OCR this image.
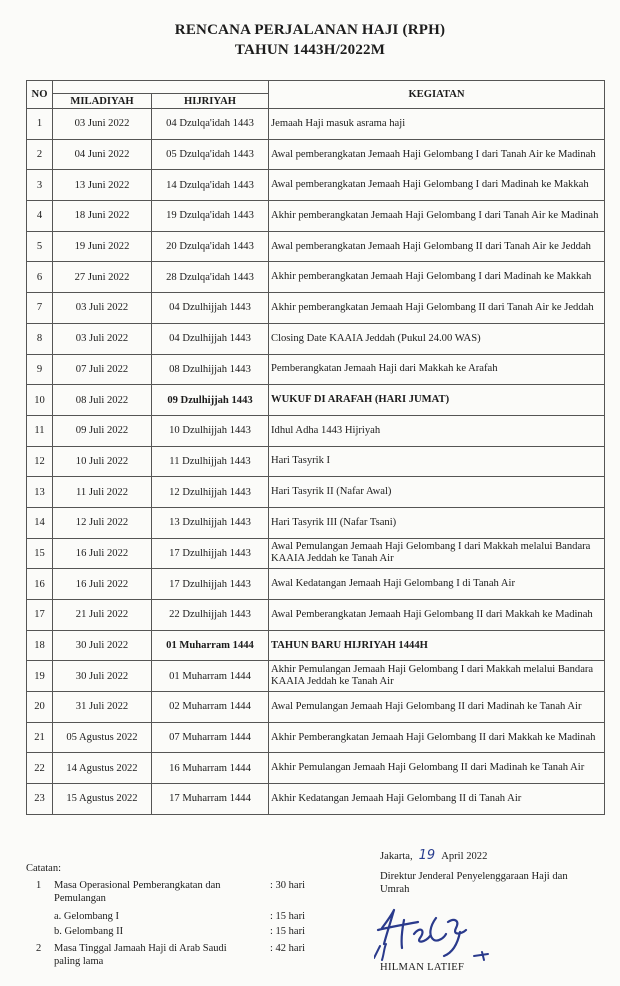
RENCANA PERJALANAN HAJI (RPH)
TAHUN 1443H/2022M
NO			KEGIATAN
	MILADIYAH	HIJRIYAH	
1	03 Juni 2022	04 Dzulqa'idah 1443	Jemaah Haji masuk asrama haji
2	04 Juni 2022	05 Dzulqa'idah 1443	Awal pemberangkatan Jemaah Haji Gelombang I dari Tanah Air ke Madinah
3	13 Juni 2022	14 Dzulqa'idah 1443	Awal pemberangkatan Jemaah Haji Gelombang I dari Madinah ke Makkah
4	18 Juni 2022	19 Dzulqa'idah 1443	Akhir pemberangkatan Jemaah Haji Gelombang I dari Tanah Air ke Madinah
5	19 Juni 2022	20 Dzulqa'idah 1443	Awal pemberangkatan Jemaah Haji Gelombang II dari Tanah Air ke Jeddah
6	27 Juni 2022	28 Dzulqa'idah 1443	Akhir pemberangkatan Jemaah Haji Gelombang I dari Madinah ke Makkah
7	03 Juli 2022	04 Dzulhijjah 1443	Akhir pemberangkatan Jemaah Haji Gelombang II dari Tanah Air ke Jeddah
8	03 Juli 2022	04 Dzulhijjah 1443	Closing Date KAAIA Jeddah (Pukul 24.00 WAS)
9	07 Juli 2022	08 Dzulhijjah 1443	Pemberangkatan Jemaah Haji dari Makkah ke Arafah
10	08 Juli 2022	09 Dzulhijjah 1443	WUKUF DI ARAFAH (HARI JUMAT)
11	09 Juli 2022	10 Dzulhijjah 1443	Idhul Adha 1443 Hijriyah
12	10 Juli 2022	11 Dzulhijjah 1443	Hari Tasyrik I
13	11 Juli 2022	12 Dzulhijjah 1443	Hari Tasyrik II (Nafar Awal)
14	12 Juli 2022	13 Dzulhijjah 1443	Hari Tasyrik III (Nafar Tsani)
15	16 Juli 2022	17 Dzulhijjah 1443	Awal Pemulangan Jemaah Haji Gelombang I dari Makkah melalui Bandara KAAIA Jeddah ke Tanah Air
16	16 Juli 2022	17 Dzulhijjah 1443	Awal Kedatangan Jemaah Haji Gelombang I di Tanah Air
17	21 Juli 2022	22 Dzulhijjah 1443	Awal Pemberangkatan Jemaah Haji Gelombang II dari Makkah ke Madinah
18	30 Juli 2022	01 Muharram 1444	TAHUN BARU HIJRIYAH 1444H
19	30 Juli 2022	01 Muharram 1444	Akhir Pemulangan Jemaah Haji Gelombang I dari Makkah melalui Bandara KAAIA Jeddah ke Tanah Air
20	31 Juli 2022	02 Muharram 1444	Awal Pemulangan Jemaah Haji Gelombang II dari Madinah ke Tanah Air
21	05 Agustus 2022	07 Muharram 1444	Akhir Pemberangkatan Jemaah Haji Gelombang II dari Makkah ke Madinah
22	14 Agustus 2022	16 Muharram 1444	Akhir Pemulangan Jemaah Haji Gelombang II dari Madinah ke Tanah Air
23	15 Agustus 2022	17 Muharram 1444	Akhir Kedatangan Jemaah Haji Gelombang II di Tanah Air
Catatan:
1 Masa Operasional Pemberangkatan dan
Pemulangan
: 30 hari
a. Gelombang I	: 15 hari
b. Gelombang II	: 15 hari
2 Masa Tinggal Jamaah Haji di Arab Saudi
paling lama
: 42 hari
Jakarta, 19 April 2022
Direktur Jenderal Penyelenggaraan Haji dan
Umrah
HILMAN LATIEF
